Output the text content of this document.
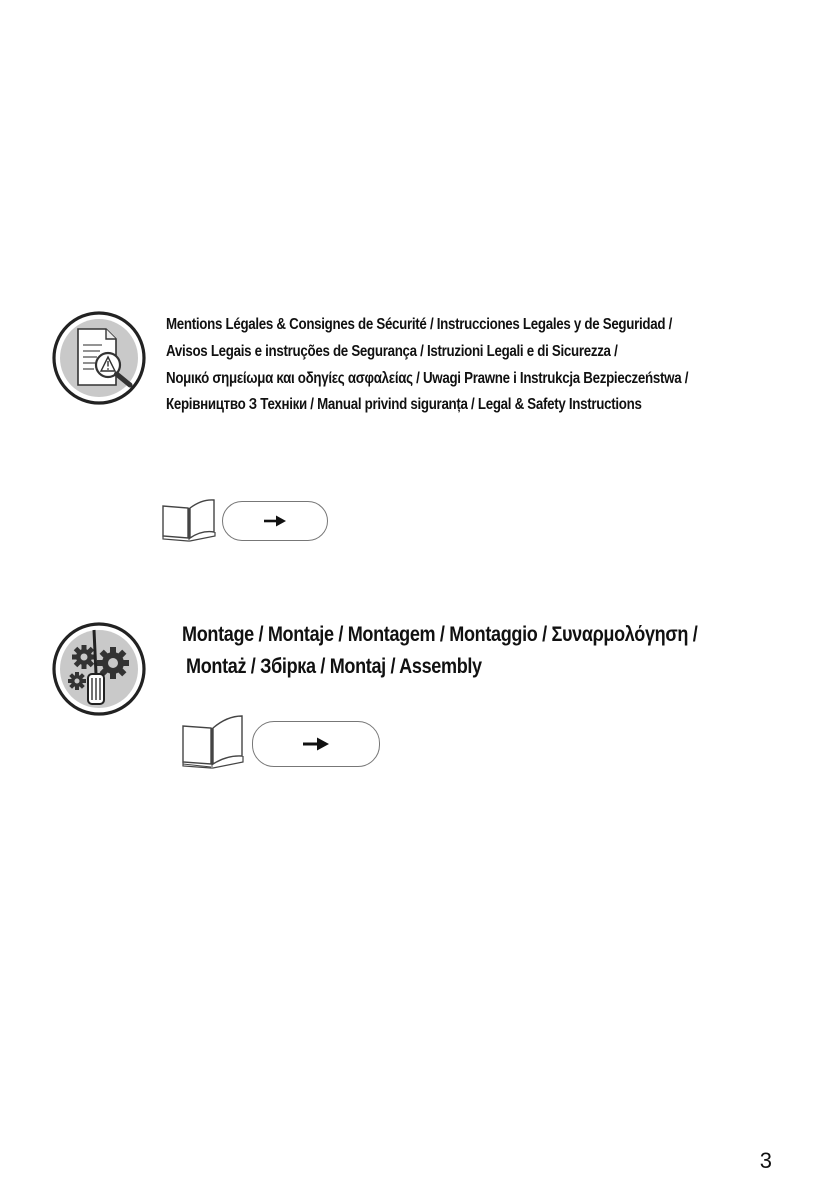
Mentions Légales & Consignes de Sécurité / Instrucciones Legales y de Seguridad /
Avisos Legais e instruções de Segurança / Istruzioni Legali e di Sicurezza /
Νομικό σημείωμα και οδηγίες ασφαλείας / Uwagi Prawne i Instrukcja Bezpieczeństwa /
Керівництво З Техніки / Manual privind siguranța / Legal & Safety Instructions
Montage / Montaje / Montagem / Montaggio / Συναρμολόγηση /
Montaż / Збірка / Montaj / Assembly
3
